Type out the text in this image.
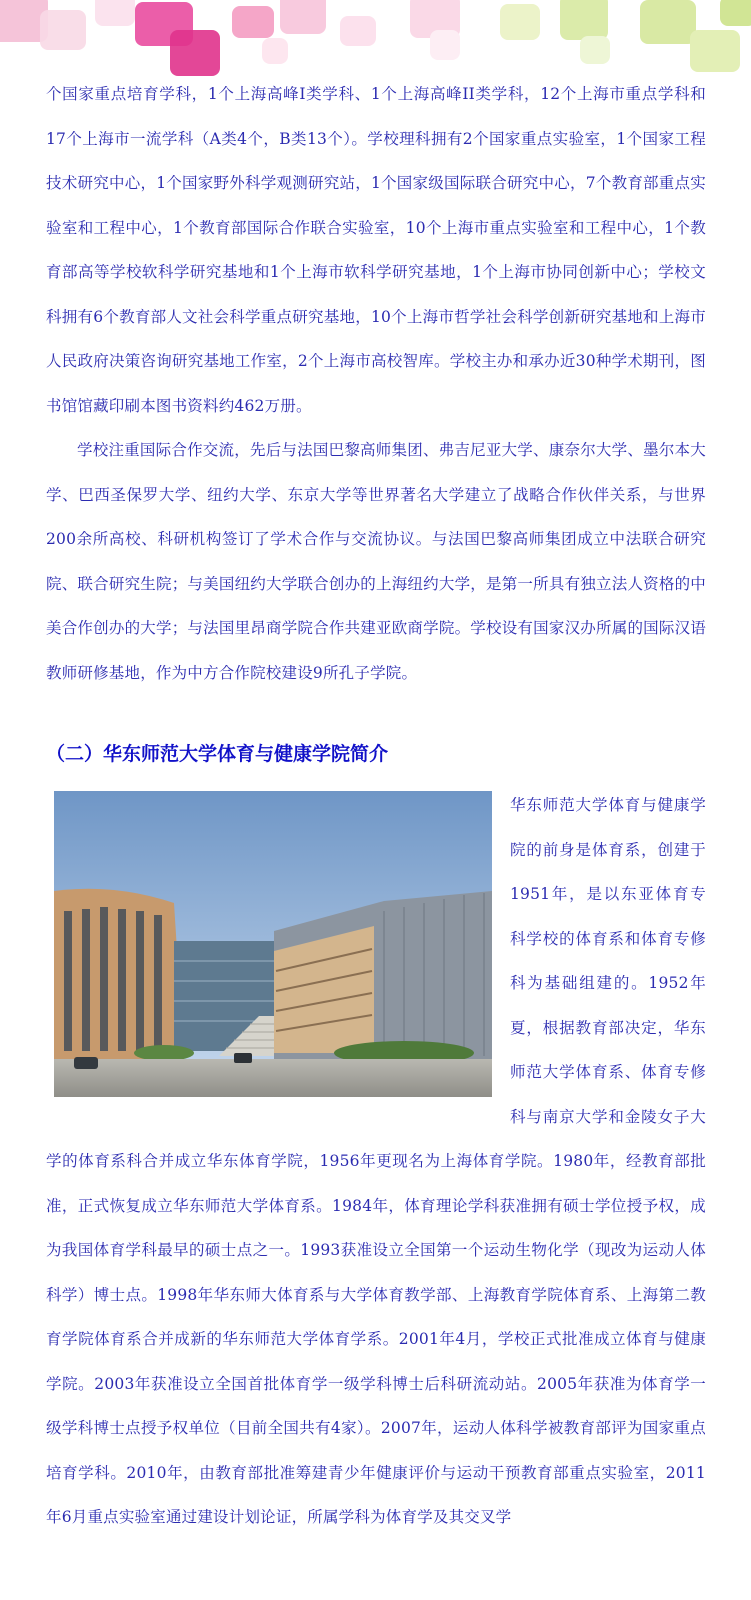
个国家重点培育学科，1个上海高峰I类学科、1个上海高峰II类学科，12个上海市重点学科和17个上海市一流学科（A类4个，B类13个）。学校理科拥有2个国家重点实验室，1个国家工程技术研究中心，1个国家野外科学观测研究站，1个国家级国际联合研究中心，7个教育部重点实验室和工程中心，1个教育部国际合作联合实验室，10个上海市重点实验室和工程中心，1个教育部高等学校软科学研究基地和1个上海市软科学研究基地，1个上海市协同创新中心；学校文科拥有6个教育部人文社会科学重点研究基地，10个上海市哲学社会科学创新研究基地和上海市人民政府决策咨询研究基地工作室，2个上海市高校智库。学校主办和承办近30种学术期刊，图书馆馆藏印刷本图书资料约462万册。

学校注重国际合作交流，先后与法国巴黎高师集团、弗吉尼亚大学、康奈尔大学、墨尔本大学、巴西圣保罗大学、纽约大学、东京大学等世界著名大学建立了战略合作伙伴关系，与世界200余所高校、科研机构签订了学术合作与交流协议。与法国巴黎高师集团成立中法联合研究院、联合研究生院；与美国纽约大学联合创办的上海纽约大学，是第一所具有独立法人资格的中美合作创办的大学；与法国里昂商学院合作共建亚欧商学院。学校设有国家汉办所属的国际汉语教师研修基地，作为中方合作院校建设9所孔子学院。

（二）华东师范大学体育与健康学院简介

华东师范大学体育与健康学院的前身是体育系，创建于1951年，是以东亚体育专科学校的体育系和体育专修科为基础组建的。1952年夏，根据教育部决定，华东师范大学体育系、体育专修科与南京大学和金陵女子大学的体育系科合并成立华东体育学院，1956年更现名为上海体育学院。1980年，经教育部批准，正式恢复成立华东师范大学体育系。1984年，体育理论学科获准拥有硕士学位授予权，成为我国体育学科最早的硕士点之一。1993获准设立全国第一个运动生物化学（现改为运动人体科学）博士点。1998年华东师大体育系与大学体育教学部、上海教育学院体育系、上海第二教育学院体育系合并成新的华东师范大学体育学系。2001年4月，学校正式批准成立体育与健康学院。2003年获准设立全国首批体育学一级学科博士后科研流动站。2005年获准为体育学一级学科博士点授予权单位（目前全国共有4家）。2007年，运动人体科学被教育部评为国家重点培育学科。2010年，由教育部批准筹建青少年健康评价与运动干预教育部重点实验室，2011年6月重点实验室通过建设计划论证，所属学科为体育学及其交叉学
